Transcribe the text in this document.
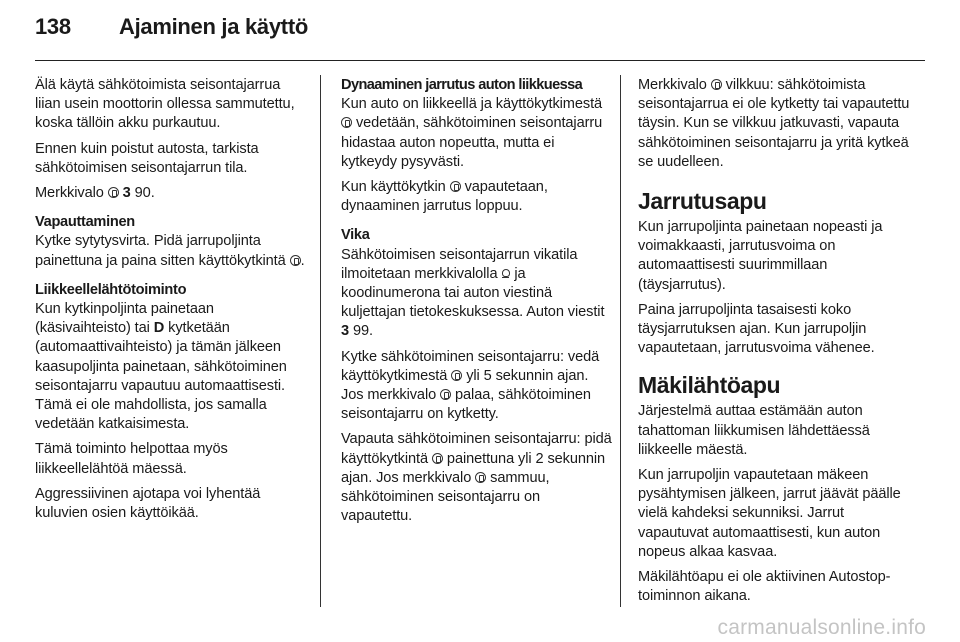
138	Ajaminen ja käyttö

Älä käytä sähkötoimista seisontajarrua liian usein moottorin ollessa sammutettu, koska tällöin akku purkautuu.

Ennen kuin poistut autosta, tarkista sähkötoimisen seisontajarrun tila.

Merkkivalo  3 90.

Vapauttaminen

Kytke sytytysvirta. Pidä jarrupoljinta painettuna ja paina sitten käyttökytkintä .

Liikkeellelähtötoiminto

Kun kytkinpoljinta painetaan (käsivaihteisto) tai D kytketään (automaattivaihteisto) ja tämän jälkeen kaasupoljinta painetaan, sähkötoiminen seisontajarru vapautuu automaattisesti. Tämä ei ole mahdollista, jos samalla vedetään katkaisimesta.

Tämä toiminto helpottaa myös liikkeellelähtöä mäessä.

Aggressiivinen ajotapa voi lyhentää kuluvien osien käyttöikää.

Dynaaminen jarrutus auton liikkuessa

Kun auto on liikkeellä ja käyttökytkimestä  vedetään, sähkötoiminen seisontajarru hidastaa auton nopeutta, mutta ei kytkeydy pysyvästi.

Kun käyttökytkin  vapautetaan, dynaaminen jarrutus loppuu.

Vika

Sähkötoimisen seisontajarrun vikatila ilmoitetaan merkkivalolla  ja koodinumerona tai auton viestinä kuljettajan tietokeskuksessa. Auton viestit 3 99.

Kytke sähkötoiminen seisontajarru: vedä käyttökytkimestä  yli 5 sekunnin ajan. Jos merkkivalo  palaa, sähkötoiminen seisontajarru on kytketty.

Vapauta sähkötoiminen seisontajarru: pidä käyttökytkintä  painettuna yli 2 sekunnin ajan. Jos merkkivalo  sammuu, sähkötoiminen seisontajarru on vapautettu.

Merkkivalo  vilkkuu: sähkötoimista seisontajarrua ei ole kytketty tai vapautettu täysin. Kun se vilkkuu jatkuvasti, vapauta sähkötoiminen seisontajarru ja yritä kytkeä se uudelleen.

Jarrutusapu

Kun jarrupoljinta painetaan nopeasti ja voimakkaasti, jarrutusvoima on automaattisesti suurimmillaan (täysjarrutus).

Paina jarrupoljinta tasaisesti koko täysjarrutuksen ajan. Kun jarrupoljin vapautetaan, jarrutusvoima vähenee.

Mäkilähtöapu

Järjestelmä auttaa estämään auton tahattoman liikkumisen lähdettäessä liikkeelle mäestä.

Kun jarrupoljin vapautetaan mäkeen pysähtymisen jälkeen, jarrut jäävät päälle vielä kahdeksi sekunniksi. Jarrut vapautuvat automaattisesti, kun auton nopeus alkaa kasvaa.

Mäkilähtöapu ei ole aktiivinen Autostop-toiminnon aikana.

carmanualsonline.info
